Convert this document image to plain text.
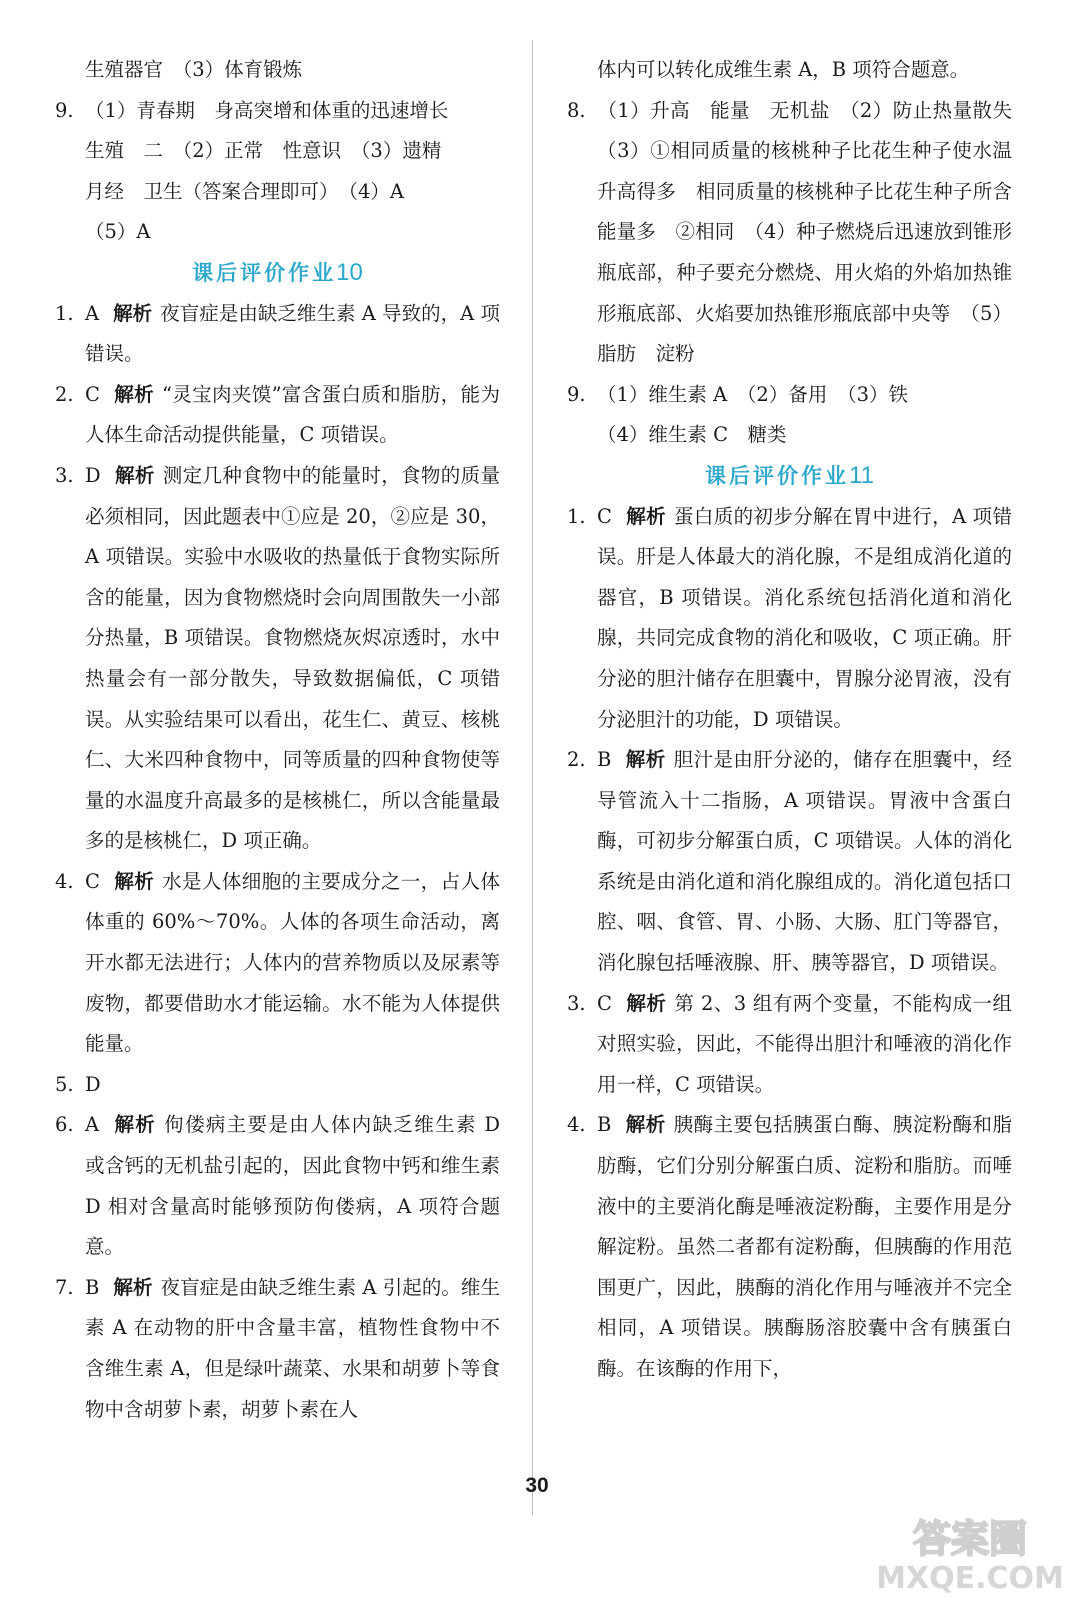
生殖器官　（3）体育锻炼
9. （1）青春期　身高突增和体重的迅速增长
生殖　二　（2）正常　性意识　（3）遗精
月经　卫生（答案合理即可）　（4）A
（5）A
课后评价作业10
1. A 解析 夜盲症是由缺乏维生素 A 导致的，A 项错误。
2. C 解析 “灵宝肉夹馍”富含蛋白质和脂肪，能为人体生命活动提供能量，C 项错误。
3. D 解析 测定几种食物中的能量时，食物的质量必须相同，因此题表中①应是 20，②应是 30，A 项错误。实验中水吸收的热量低于食物实际所含的能量，因为食物燃烧时会向周围散失一小部分热量，B 项错误。食物燃烧灰烬凉透时，水中热量会有一部分散失，导致数据偏低，C 项错误。从实验结果可以看出，花生仁、黄豆、核桃仁、大米四种食物中，同等质量的四种食物使等量的水温度升高最多的是核桃仁，所以含能量最多的是核桃仁，D 项正确。
4. C 解析 水是人体细胞的主要成分之一，占人体体重的 60%～70%。人体的各项生命活动，离开水都无法进行；人体内的营养物质以及尿素等废物，都要借助水才能运输。水不能为人体提供能量。
5. D
6. A 解析 佝偻病主要是由人体内缺乏维生素 D 或含钙的无机盐引起的，因此食物中钙和维生素 D 相对含量高时能够预防佝偻病，A 项符合题意。
7. B 解析 夜盲症是由缺乏维生素 A 引起的。维生素 A 在动物的肝中含量丰富，植物性食物中不含维生素 A，但是绿叶蔬菜、水果和胡萝卜等食物中含胡萝卜素，胡萝卜素在人
体内可以转化成维生素 A，B 项符合题意。
8. （1）升高　能量　无机盐　（2）防止热量散失　（3）①相同质量的核桃种子比花生种子使水温升高得多　相同质量的核桃种子比花生种子所含能量多　②相同　（4）种子燃烧后迅速放到锥形瓶底部，种子要充分燃烧、用火焰的外焰加热锥形瓶底部、火焰要加热锥形瓶底部中央等　（5）脂肪　淀粉
9. （1）维生素 A　（2）备用　（3）铁
（4）维生素 C　糖类
课后评价作业11
1. C 解析 蛋白质的初步分解在胃中进行，A 项错误。肝是人体最大的消化腺，不是组成消化道的器官，B 项错误。消化系统包括消化道和消化腺，共同完成食物的消化和吸收，C 项正确。肝分泌的胆汁储存在胆囊中，胃腺分泌胃液，没有分泌胆汁的功能，D 项错误。
2. B 解析 胆汁是由肝分泌的，储存在胆囊中，经导管流入十二指肠，A 项错误。胃液中含蛋白酶，可初步分解蛋白质，C 项错误。人体的消化系统是由消化道和消化腺组成的。消化道包括口腔、咽、食管、胃、小肠、大肠、肛门等器官，消化腺包括唾液腺、肝、胰等器官，D 项错误。
3. C 解析 第 2、3 组有两个变量，不能构成一组对照实验，因此，不能得出胆汁和唾液的消化作用一样，C 项错误。
4. B 解析 胰酶主要包括胰蛋白酶、胰淀粉酶和脂肪酶，它们分别分解蛋白质、淀粉和脂肪。而唾液中的主要消化酶是唾液淀粉酶，主要作用是分解淀粉。虽然二者都有淀粉酶，但胰酶的作用范围更广，因此，胰酶的消化作用与唾液并不完全相同，A 项错误。胰酶肠溶胶囊中含有胰蛋白酶。在该酶的作用下，
30
答案圈
MXQE.COM
